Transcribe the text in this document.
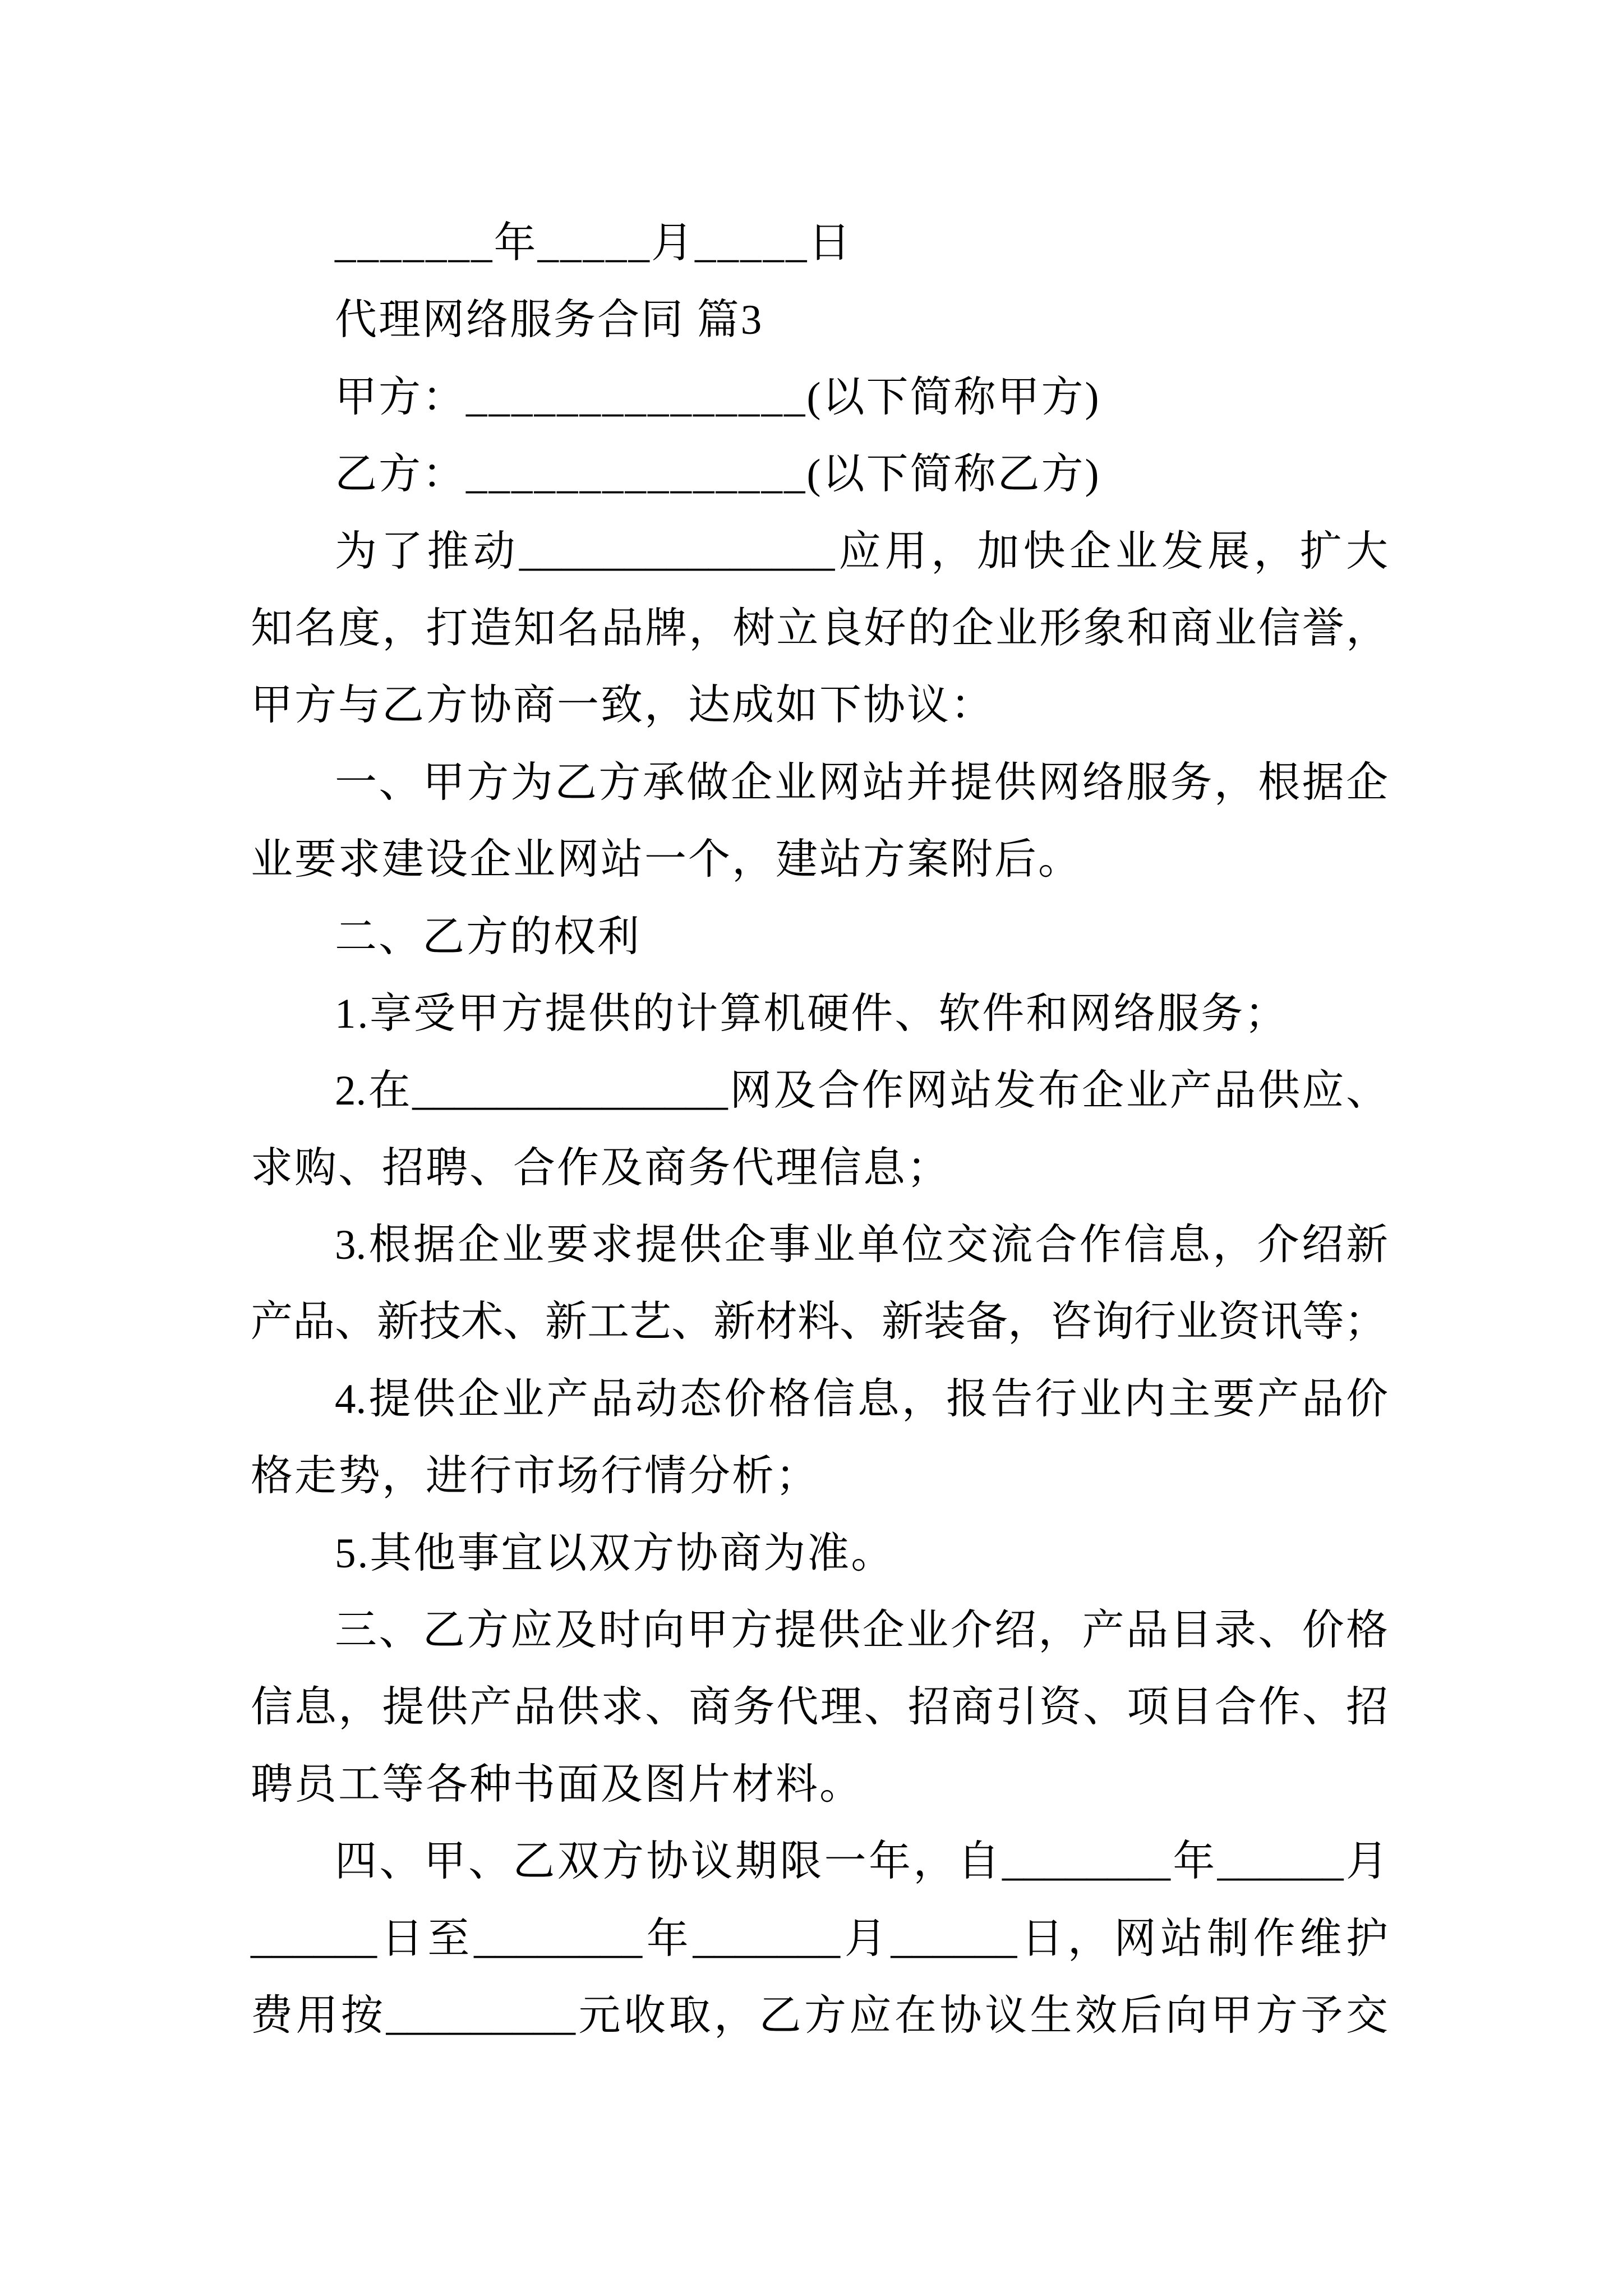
_______年_____月_____日
代理网络服务合同 篇3
甲方：_______________(以下简称甲方)
乙方：_______________(以下简称乙方)
为了推动_______________应用，加快企业发展，扩大
知名度，打造知名品牌，树立良好的企业形象和商业信誉，
甲方与乙方协商一致，达成如下协议：
一、甲方为乙方承做企业网站并提供网络服务，根据企
业要求建设企业网站一个，建站方案附后。
二、乙方的权利
1.享受甲方提供的计算机硬件、软件和网络服务；
2.在_______________网及合作网站发布企业产品供应、
求购、招聘、合作及商务代理信息；
3.根据企业要求提供企事业单位交流合作信息，介绍新
产品、新技术、新工艺、新材料、新装备，咨询行业资讯等；
4.提供企业产品动态价格信息，报告行业内主要产品价
格走势，进行市场行情分析；
5.其他事宜以双方协商为准。
三、乙方应及时向甲方提供企业介绍，产品目录、价格
信息，提供产品供求、商务代理、招商引资、项目合作、招
聘员工等各种书面及图片材料。
四、甲、乙双方协议期限一年，自________年______月
______日至________年_______月______日，网站制作维护
费用按_________元收取，乙方应在协议生效后向甲方予交
